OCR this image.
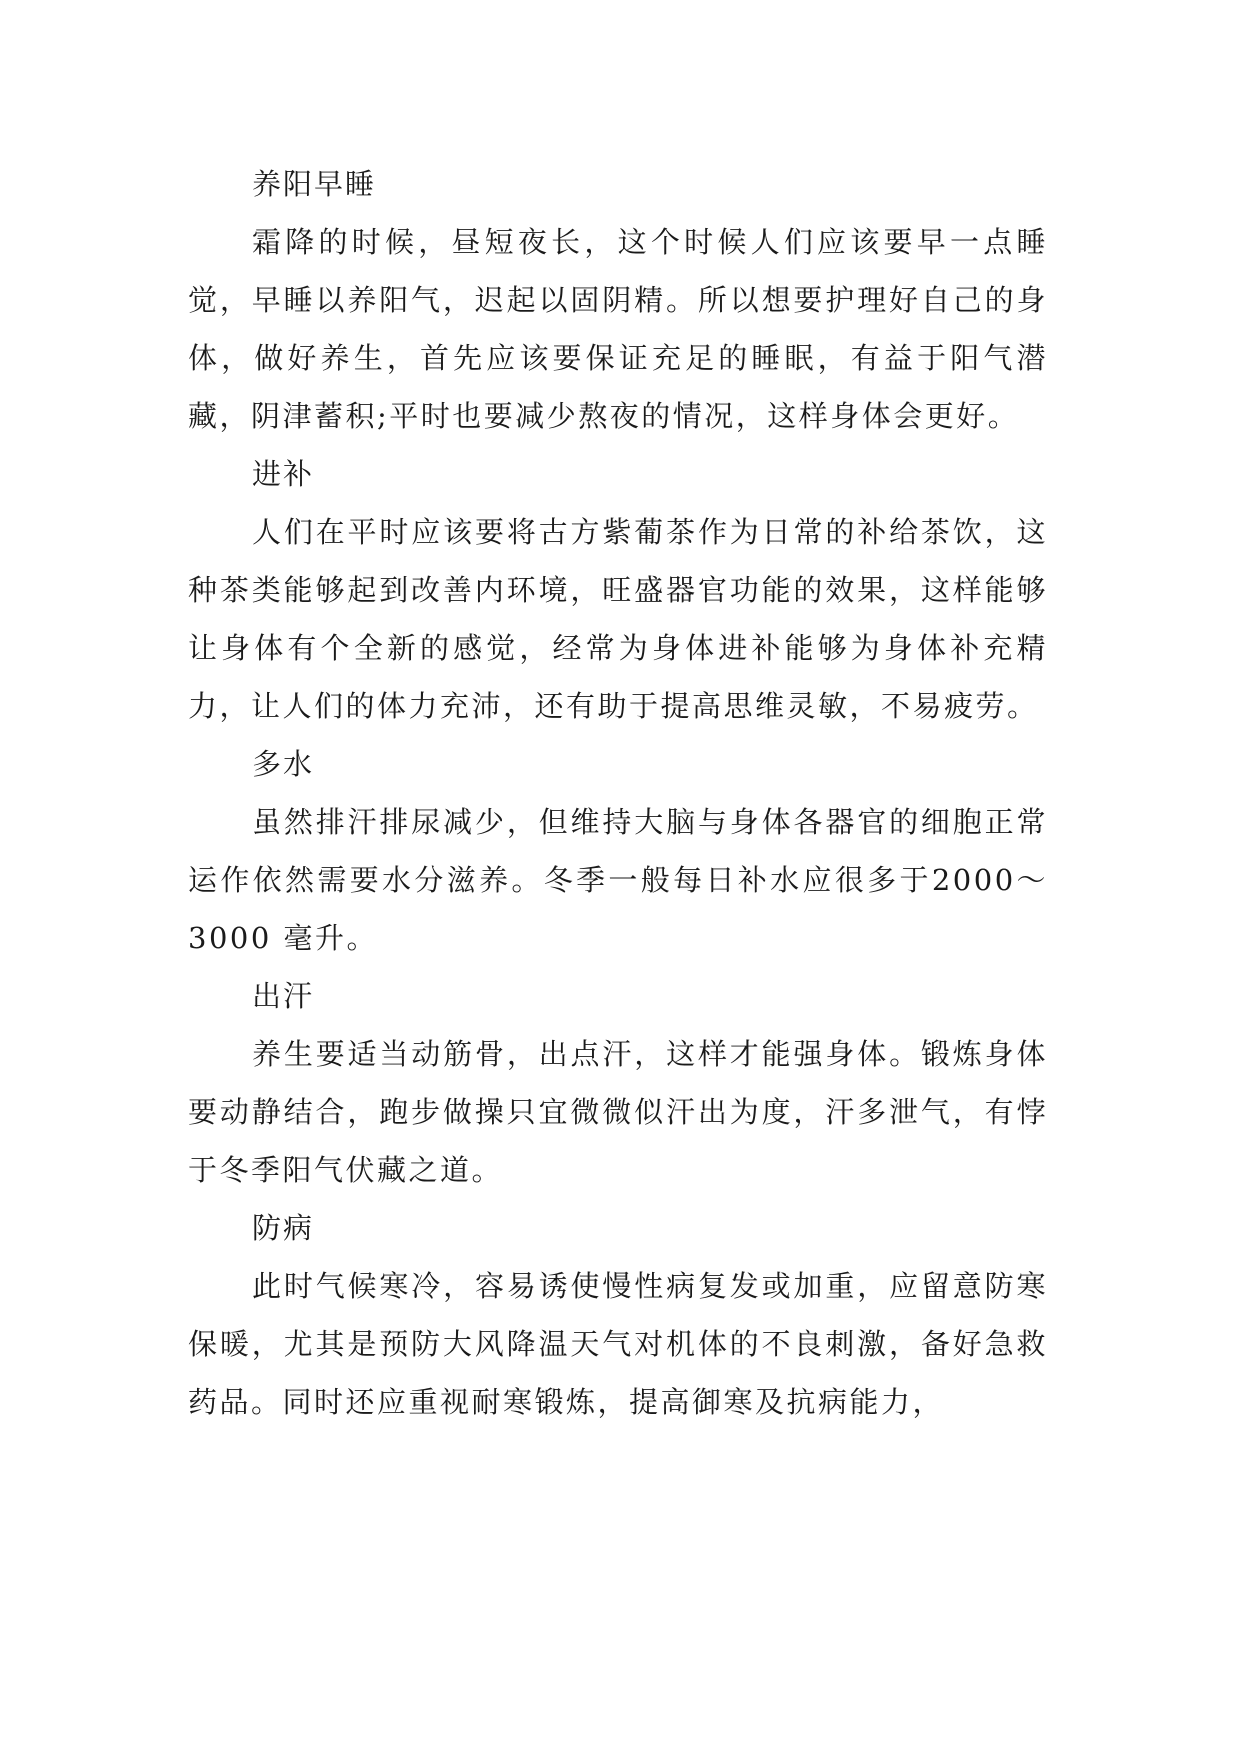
养阳早睡

霜降的时候，昼短夜长，这个时候人们应该要早一点睡觉，早睡以养阳气，迟起以固阴精。所以想要护理好自己的身体，做好养生，首先应该要保证充足的睡眠，有益于阳气潜藏，阴津蓄积;平时也要减少熬夜的情况，这样身体会更好。

进补

人们在平时应该要将古方紫葡茶作为日常的补给茶饮，这种茶类能够起到改善内环境，旺盛器官功能的效果，这样能够让身体有个全新的感觉，经常为身体进补能够为身体补充精力，让人们的体力充沛，还有助于提高思维灵敏，不易疲劳。

多水

虽然排汗排尿减少，但维持大脑与身体各器官的细胞正常运作依然需要水分滋养。冬季一般每日补水应很多于2000～3000 毫升。

出汗

养生要适当动筋骨，出点汗，这样才能强身体。锻炼身体要动静结合，跑步做操只宜微微似汗出为度，汗多泄气，有悖于冬季阳气伏藏之道。

防病

此时气候寒冷，容易诱使慢性病复发或加重，应留意防寒保暖，尤其是预防大风降温天气对机体的不良刺激，备好急救药品。同时还应重视耐寒锻炼，提高御寒及抗病能力，
